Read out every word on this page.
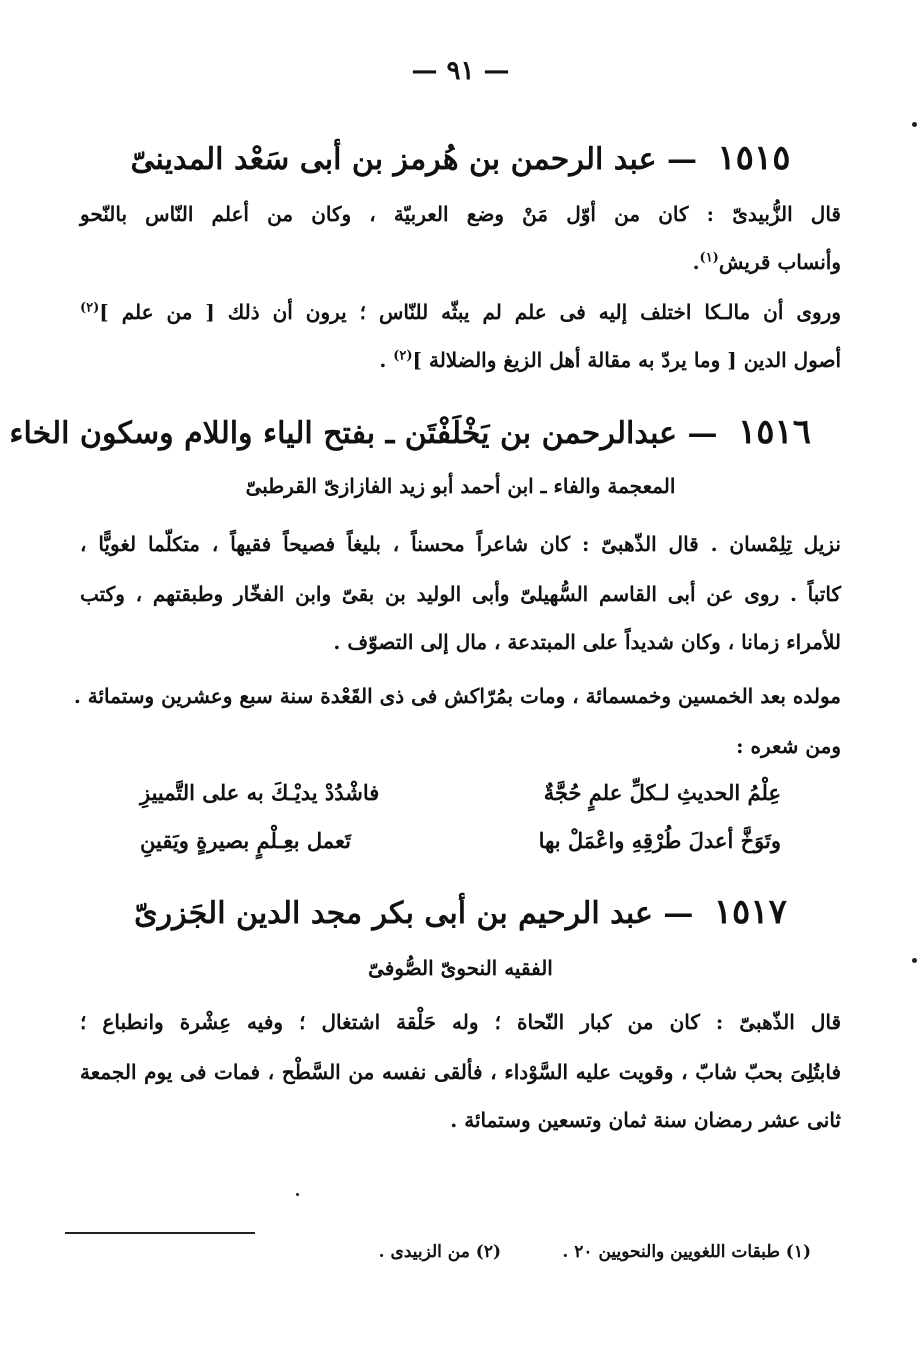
— ٩١ —
١٥١٥ — عبد الرحمن بن هُرمز بن أبى سَعْد المدينىّ
قال الزُّبيدىّ : كان من أوّل مَنْ وضع العربيّة ، وكان من أعلم النّاس بالنّحو
وأنساب قريش$^{(١)}$.
وروى أن مالـكا اختلف إليه فى علم لم يبثّه للنّاس ؛ يرون أن ذلك [ من علم ]$^{(٢)}$
أصول الدين [ وما يردّ به مقالة أهل الزيغ والضلالة ]$^{(٢)}$ .
١٥١٦ — عبدالرحمن بن يَخْلَفْتَن ـ بفتح الياء واللام وسكون الخاء
المعجمة والفاء ـ ابن أحمد أبو زيد الفازازىّ القرطبىّ
نزيل تِلِمْسان . قال الذّهبىّ : كان شاعراً محسناً ، بليغاً فصيحاً فقيهاً ، متكلّما لغويًّا ،
كاتباً . روى عن أبى القاسم السُّهيلىّ وأبى الوليد بن بقىّ وابن الفخّار وطبقتهم ، وكتب
للأمراء زمانا ، وكان شديداً على المبتدعة ، مال إلى التصوّف .
مولده بعد الخمسين وخمسمائة ، ومات بمُرّاكش فى ذى القَعْدة سنة سبع وعشرين وستمائة .
ومن شعره :
عِلْمُ الحديثِ لـكلِّ علمٍ حُجَّةٌ
فاشْدُدْ يديْـكَ به على التَّمييزِ
وتَوَخَّ أعدلَ طُرْقِهِ واعْمَلْ بها
تَعمل بعِـلْمٍ بصيرةٍ ويَقينِ
١٥١٧ — عبد الرحيم بن أبى بكر مجد الدين الجَزرىّ
الفقيه النحوىّ الصُّوفىّ
قال الذّهبىّ : كان من كبار النّحاة ؛ وله حَلْقة اشتغال ؛ وفيه عِشْرة وانطباع ؛
فابتُلِىَ بحبّ شابّ ، وقويت عليه السَّوْداء ، فألقى نفسه من السَّطْح ، فمات فى يوم الجمعة
ثانى عشر رمضان سنة ثمان وتسعين وستمائة .
(١) طبقات اللغويين والنحويين ٢٠ .
(٢) من الزبيدى .
